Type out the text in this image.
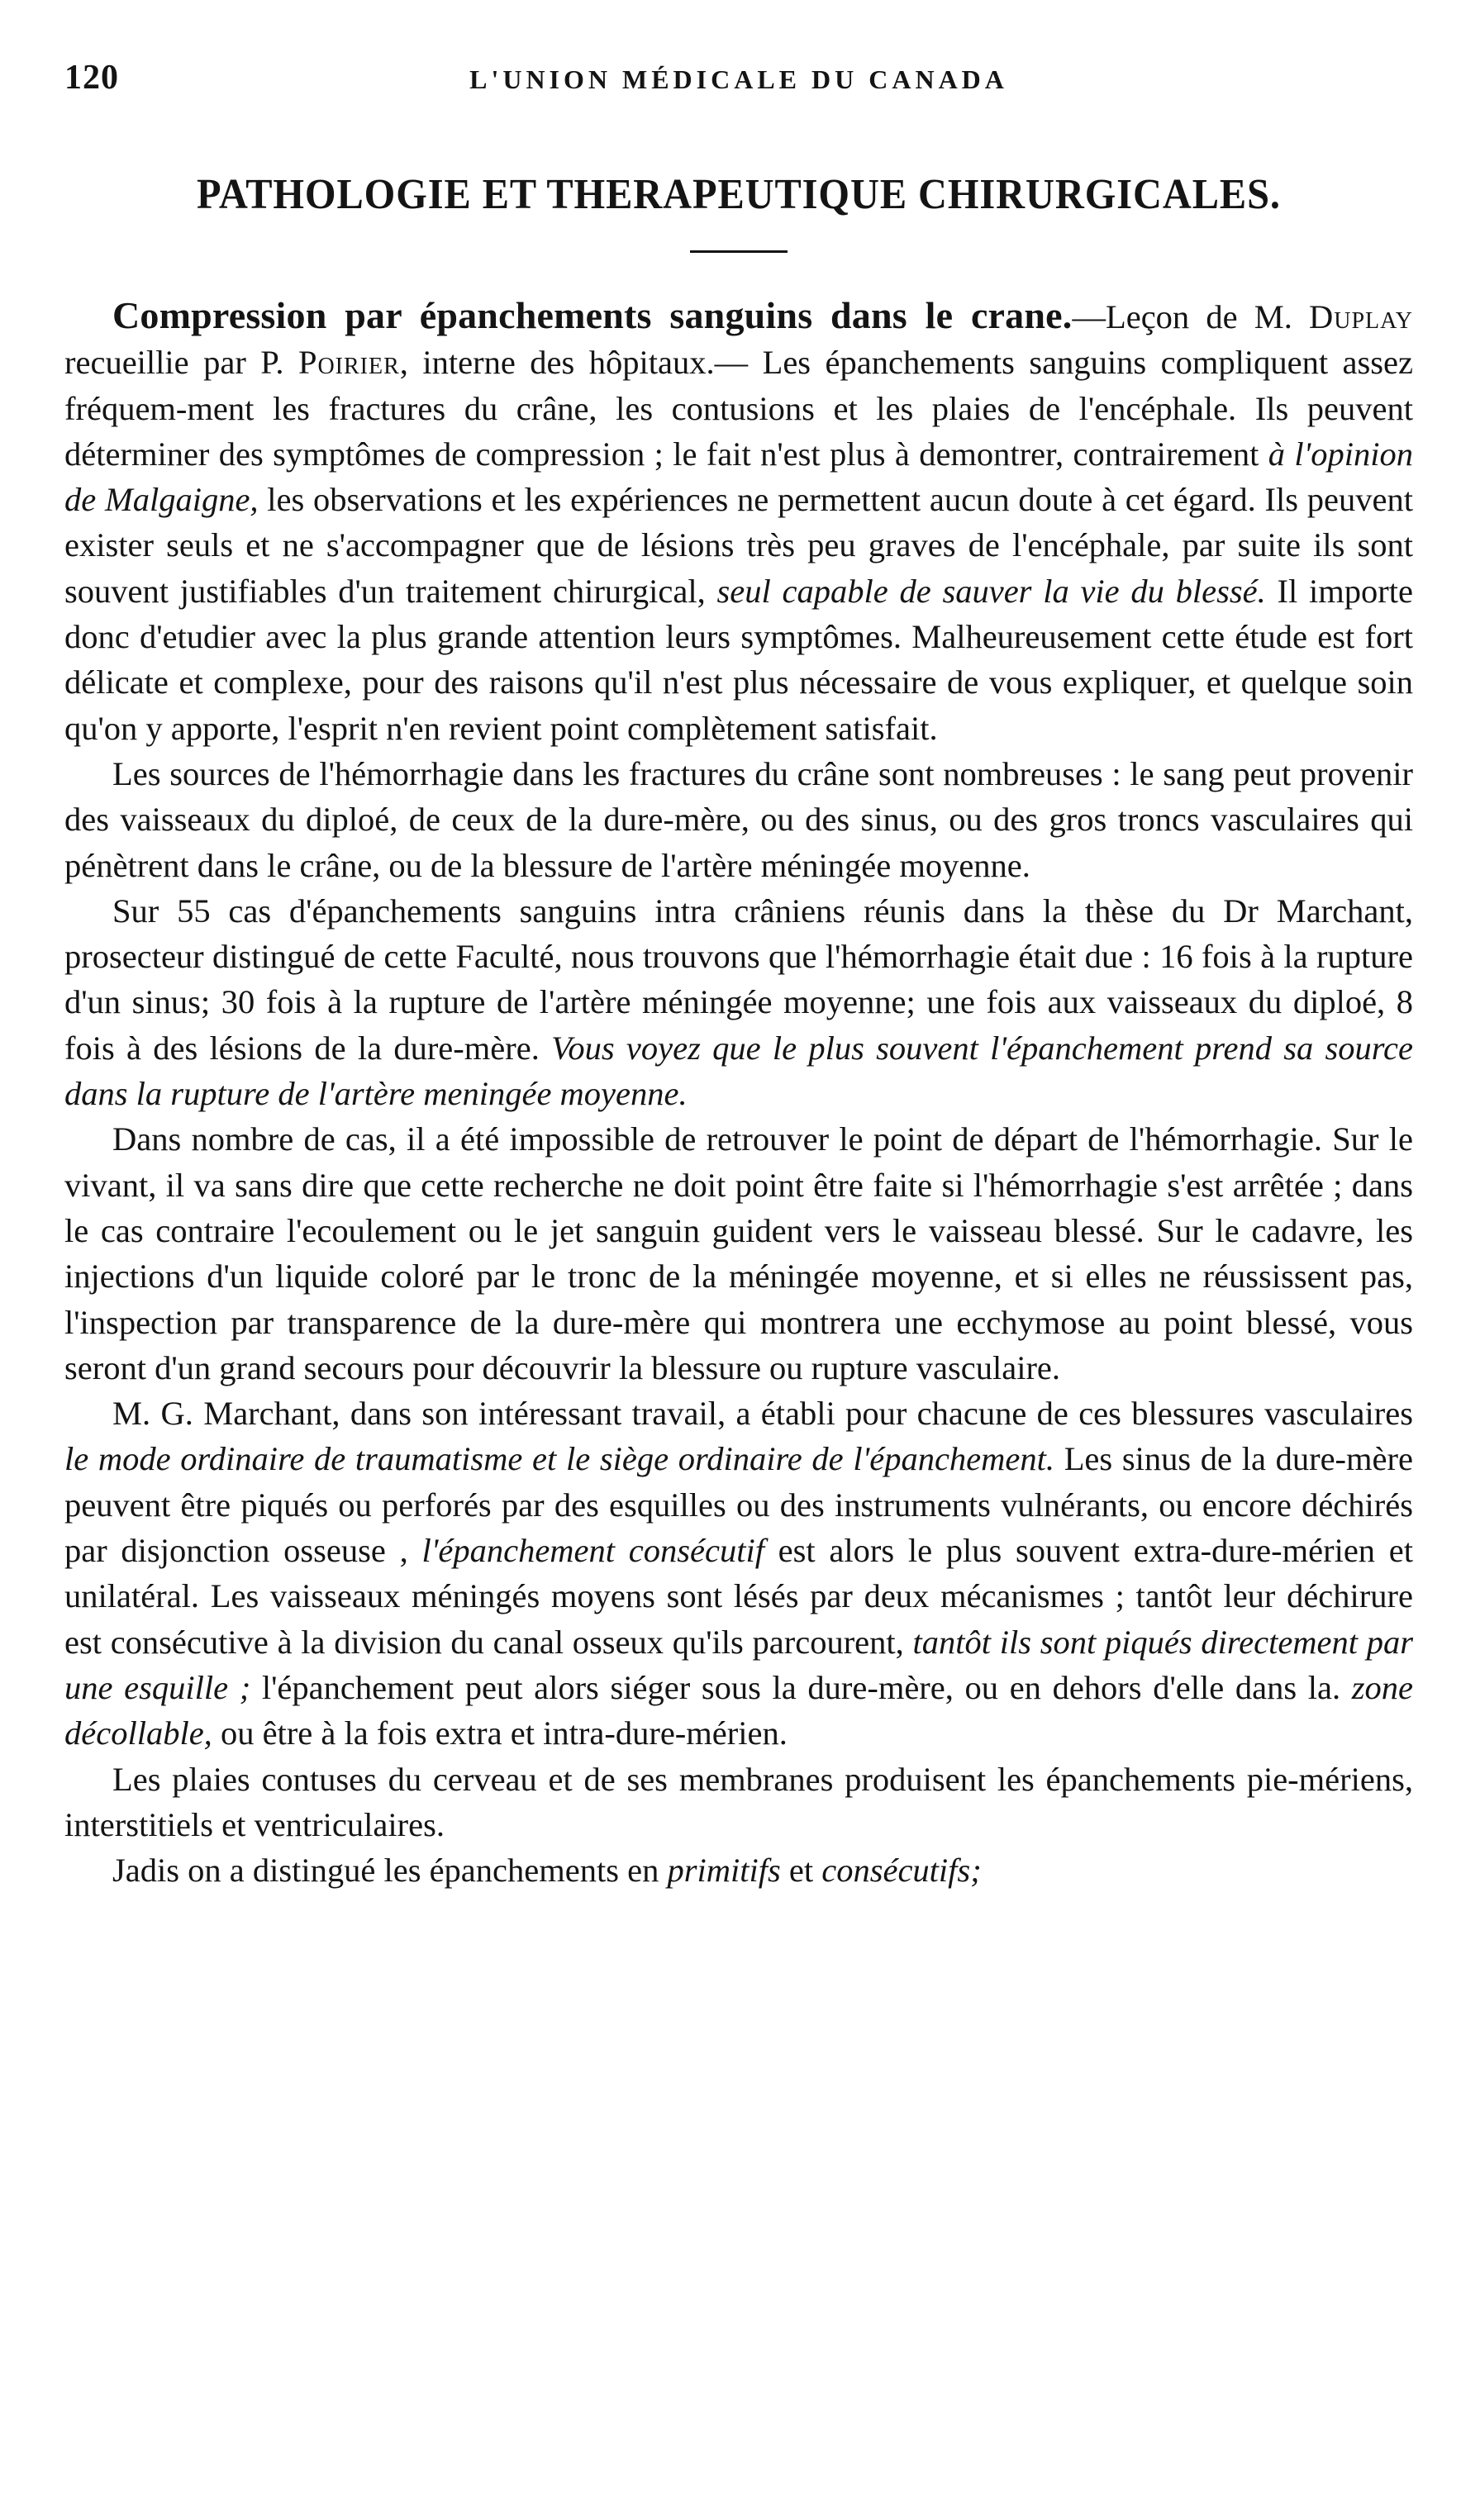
120	L'UNION MÉDICALE DU CANADA
PATHOLOGIE ET THERAPEUTIQUE CHIRURGICALES.

Compression par épanchements sanguins dans le crane.—Leçon de M. Duplay recueillie par P. Poirier, interne des hôpitaux.— Les épanchements sanguins compliquent assez fréquem-ment les fractures du crâne, les contusions et les plaies de l'encéphale. Ils peuvent déterminer des symptômes de compression ; le fait n'est plus à demontrer, contrairement à l'opinion de Malgaigne, les observations et les expériences ne permettent aucun doute à cet égard. Ils peuvent exister seuls et ne s'accompagner que de lésions très peu graves de l'encéphale, par suite ils sont souvent justifiables d'un traitement chirurgical, seul capable de sauver la vie du blessé. Il importe donc d'etudier avec la plus grande attention leurs symptômes. Malheureusement cette étude est fort délicate et complexe, pour des raisons qu'il n'est plus nécessaire de vous expliquer, et quelque soin qu'on y apporte, l'esprit n'en revient point complètement satisfait.

Les sources de l'hémorrhagie dans les fractures du crâne sont nombreuses : le sang peut provenir des vaisseaux du diploé, de ceux de la dure-mère, ou des sinus, ou des gros troncs vasculaires qui pénètrent dans le crâne, ou de la blessure de l'artère méningée moyenne.

Sur 55 cas d'épanchements sanguins intra crâniens réunis dans la thèse du Dr Marchant, prosecteur distingué de cette Faculté, nous trouvons que l'hémorrhagie était due : 16 fois à la rupture d'un sinus; 30 fois à la rupture de l'artère méningée moyenne; une fois aux vaisseaux du diploé, 8 fois à des lésions de la dure-mère. Vous voyez que le plus souvent l'épanchement prend sa source dans la rupture de l'artère meningée moyenne.

Dans nombre de cas, il a été impossible de retrouver le point de départ de l'hémorrhagie. Sur le vivant, il va sans dire que cette recherche ne doit point être faite si l'hémorrhagie s'est arrêtée ; dans le cas contraire l'ecoulement ou le jet sanguin guident vers le vaisseau blessé. Sur le cadavre, les injections d'un liquide coloré par le tronc de la méningée moyenne, et si elles ne réussissent pas, l'inspection par transparence de la dure-mère qui montrera une ecchymose au point blessé, vous seront d'un grand secours pour découvrir la blessure ou rupture vasculaire.

M. G. Marchant, dans son intéressant travail, a établi pour chacune de ces blessures vasculaires le mode ordinaire de traumatisme et le siège ordinaire de l'épanchement. Les sinus de la dure-mère peuvent être piqués ou perforés par des esquilles ou des instruments vulnérants, ou encore déchirés par disjonction osseuse , l'épanchement consécutif est alors le plus souvent extra-dure-mérien et unilatéral. Les vaisseaux méningés moyens sont lésés par deux mécanismes ; tantôt leur déchirure est consécutive à la division du canal osseux qu'ils parcourent, tantôt ils sont piqués directement par une esquille ; l'épanchement peut alors siéger sous la dure-mère, ou en dehors d'elle dans la. zone décollable, ou être à la fois extra et intra-dure-mérien.

Les plaies contuses du cerveau et de ses membranes produisent les épanchements pie-mériens, interstitiels et ventriculaires.

Jadis on a distingué les épanchements en primitifs et consécutifs;
